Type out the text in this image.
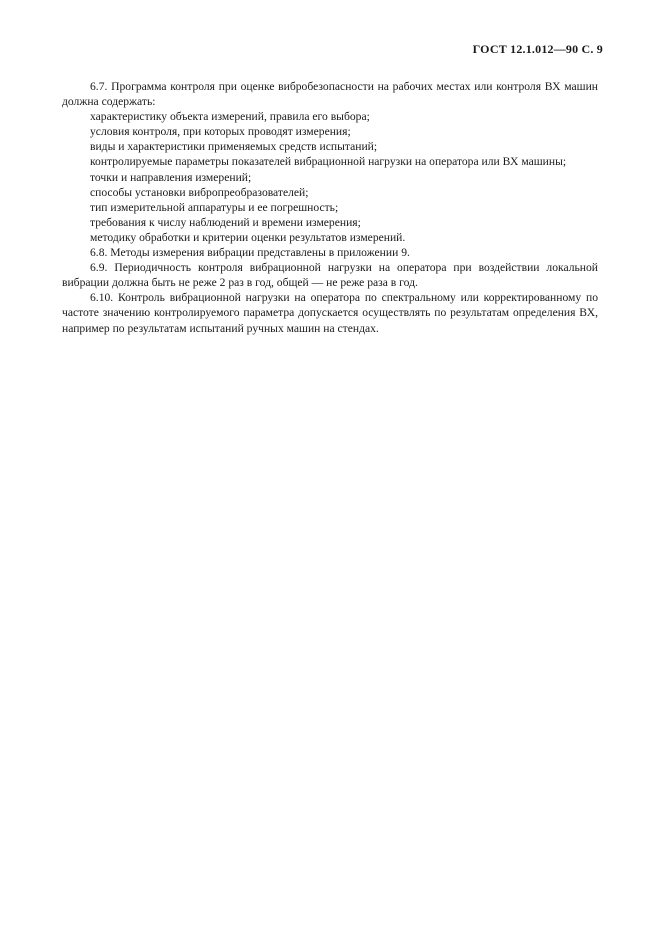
ГОСТ 12.1.012—90 С. 9

6.7. Программа контроля при оценке вибробезопасности на рабочих местах или контроля ВХ машин должна содержать:

характеристику объекта измерений, правила его выбора;

условия контроля, при которых проводят измерения;

виды и характеристики применяемых средств испытаний;

контролируемые параметры показателей вибрационной нагрузки на оператора или ВХ машины;

точки и направления измерений;

способы установки вибропреобразователей;

тип измерительной аппаратуры и ее погрешность;

требования к числу наблюдений и времени измерения;

методику обработки и критерии оценки результатов измерений.

6.8. Методы измерения вибрации представлены в приложении 9.

6.9. Периодичность контроля вибрационной нагрузки на оператора при воздействии локальной вибрации должна быть не реже 2 раз в год, общей — не реже раза в год.

6.10. Контроль вибрационной нагрузки на оператора по спектральному или корректированному по частоте значению контролируемого параметра допускается осуществлять по результатам определения ВХ, например по результатам испытаний ручных машин на стендах.
